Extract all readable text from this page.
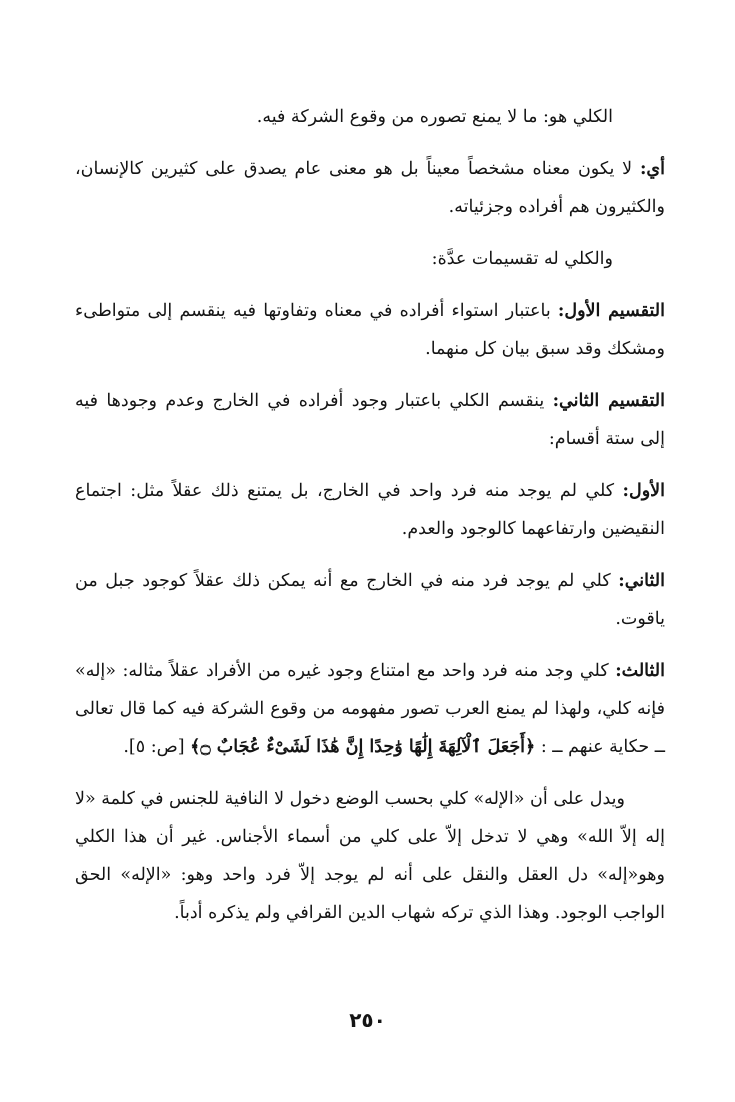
الكلي هو: ما لا يمنع تصوره من وقوع الشركة فيه.

أي: لا يكون معناه مشخصاً معيناً بل هو معنى عام يصدق على كثيرين كالإنسان، والكثيرون هم أفراده وجزئياته.

والكلي له تقسيمات عدَّة:

التقسيم الأول: باعتبار استواء أفراده في معناه وتفاوتها فيه ينقسم إلى متواطىء ومشكك وقد سبق بيان كل منهما.

التقسيم الثاني: ينقسم الكلي باعتبار وجود أفراده في الخارج وعدم وجودها فيه إلى ستة أقسام:

الأول: كلي لم يوجد منه فرد واحد في الخارج، بل يمتنع ذلك عقلاً مثل: اجتماع النقيضين وارتفاعهما كالوجود والعدم.

الثاني: كلي لم يوجد فرد منه في الخارج مع أنه يمكن ذلك عقلاً كوجود جبل من ياقوت.

الثالث: كلي وجد منه فرد واحد مع امتناع وجود غيره من الأفراد عقلاً مثاله: «إله» فإنه كلي، ولهذا لم يمنع العرب تصور مفهومه من وقوع الشركة فيه كما قال تعالى ــ حكاية عنهم ــ : ﴿أَجَعَلَ ٱلْآلِهَةَ إِلَٰهًا وَٰحِدًا إِنَّ هَٰذَا لَشَىْءٌ عُجَابٌ ۝﴾ [ص: ٥].

ويدل على أن «الإله» كلي بحسب الوضع دخول لا النافية للجنس في كلمة «لا إله إلاّ الله» وهي لا تدخل إلاّ على كلي من أسماء الأجناس. غير أن هذا الكلي وهو«إله» دل العقل والنقل على أنه لم يوجد إلاّ فرد واحد وهو: «الإله» الحق الواجب الوجود. وهذا الذي تركه شهاب الدين القرافي ولم يذكره أدباً.

٢٥٠
